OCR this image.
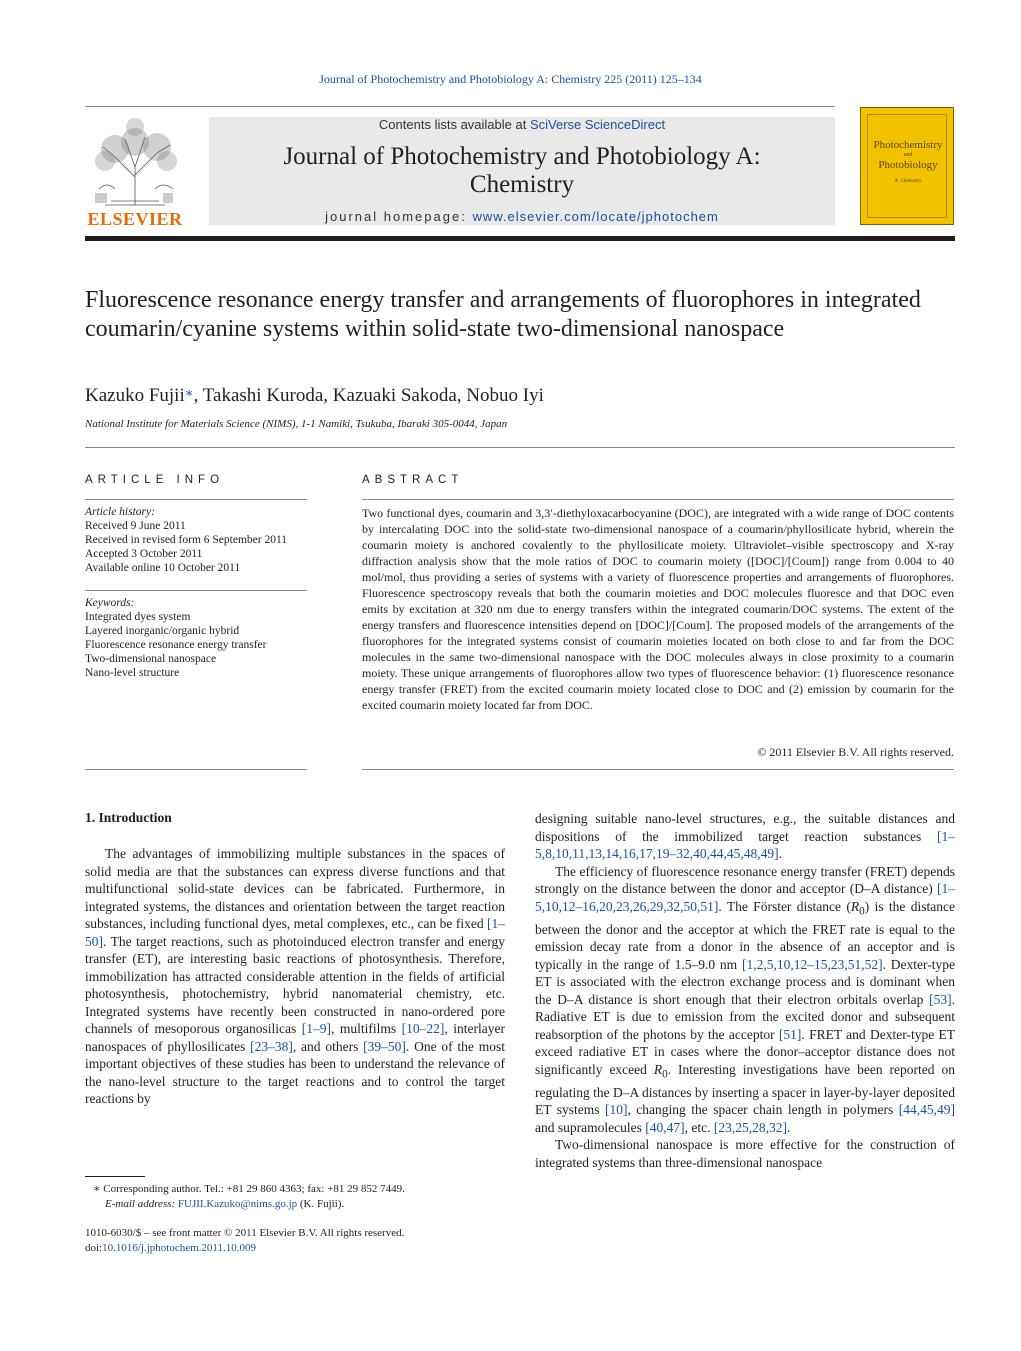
Journal of Photochemistry and Photobiology A: Chemistry 225 (2011) 125–134
ELSEVIER
Contents lists available at SciVerse ScienceDirect
Journal of Photochemistry and Photobiology A:
Chemistry
journal homepage: www.elsevier.com/locate/jphotochem
Photochemistry
and
Photobiology
A: Chemistry
Fluorescence resonance energy transfer and arrangements of fluorophores in integrated coumarin/cyanine systems within solid-state two-dimensional nanospace
Kazuko Fujii∗, Takashi Kuroda, Kazuaki Sakoda, Nobuo Iyi
National Institute for Materials Science (NIMS), 1-1 Namiki, Tsukuba, Ibaraki 305-0044, Japan
ARTICLE INFO
Article history:
Received 9 June 2011
Received in revised form 6 September 2011
Accepted 3 October 2011
Available online 10 October 2011
Keywords:
Integrated dyes system
Layered inorganic/organic hybrid
Fluorescence resonance energy transfer
Two-dimensional nanospace
Nano-level structure
ABSTRACT
Two functional dyes, coumarin and 3,3′-diethyloxacarbocyanine (DOC), are integrated with a wide range of DOC contents by intercalating DOC into the solid-state two-dimensional nanospace of a coumarin/phyllosilicate hybrid, wherein the coumarin moiety is anchored covalently to the phyllosilicate moiety. Ultraviolet–visible spectroscopy and X-ray diffraction analysis show that the mole ratios of DOC to coumarin moiety ([DOC]/[Coum]) range from 0.004 to 40 mol/mol, thus providing a series of systems with a variety of fluorescence properties and arrangements of fluorophores. Fluorescence spectroscopy reveals that both the coumarin moieties and DOC molecules fluoresce and that DOC even emits by excitation at 320 nm due to energy transfers within the integrated coumarin/DOC systems. The extent of the energy transfers and fluorescence intensities depend on [DOC]/[Coum]. The proposed models of the arrangements of the fluorophores for the integrated systems consist of coumarin moieties located on both close to and far from the DOC molecules in the same two-dimensional nanospace with the DOC molecules always in close proximity to a coumarin moiety. These unique arrangements of fluorophores allow two types of fluorescence behavior: (1) fluorescence resonance energy transfer (FRET) from the excited coumarin moiety located close to DOC and (2) emission by coumarin for the excited coumarin moiety located far from DOC.
© 2011 Elsevier B.V. All rights reserved.
1. Introduction

The advantages of immobilizing multiple substances in the spaces of solid media are that the substances can express diverse functions and that multifunctional solid-state devices can be fabricated. Furthermore, in integrated systems, the distances and orientation between the target reaction substances, including functional dyes, metal complexes, etc., can be fixed [1–50]. The target reactions, such as photoinduced electron transfer and energy transfer (ET), are interesting basic reactions of photosynthesis. Therefore, immobilization has attracted considerable attention in the fields of artificial photosynthesis, photochemistry, hybrid nanomaterial chemistry, etc. Integrated systems have recently been constructed in nano-ordered pore channels of mesoporous organosilicas [1–9], multifilms [10–22], interlayer nanospaces of phyllosilicates [23–38], and others [39–50]. One of the most important objectives of these studies has been to understand the relevance of the nano-level structure to the target reactions and to control the target reactions by

designing suitable nano-level structures, e.g., the suitable distances and dispositions of the immobilized target reaction substances [1–5,8,10,11,13,14,16,17,19–32,40,44,45,48,49].

The efficiency of fluorescence resonance energy transfer (FRET) depends strongly on the distance between the donor and acceptor (D–A distance) [1–5,10,12–16,20,23,26,29,32,50,51]. The Förster distance $(R_0)$ is the distance between the donor and the acceptor at which the FRET rate is equal to the emission decay rate from a donor in the absence of an acceptor and is typically in the range of 1.5–9.0 nm [1,2,5,10,12–15,23,51,52]. Dexter-type ET is associated with the electron exchange process and is dominant when the D–A distance is short enough that their electron orbitals overlap [53]. Radiative ET is due to emission from the excited donor and subsequent reabsorption of the photons by the acceptor [51]. FRET and Dexter-type ET exceed radiative ET in cases where the donor–acceptor distance does not significantly exceed $R_0$. Interesting investigations have been reported on regulating the D–A distances by inserting a spacer in layer-by-layer deposited ET systems [10], changing the spacer chain length in polymers [44,45,49] and supramolecules [40,47], etc. [23,25,28,32].

Two-dimensional nanospace is more effective for the construction of integrated systems than three-dimensional nanospace

∗ Corresponding author. Tel.: +81 29 860 4363; fax: +81 29 852 7449.
E-mail address: FUJII.Kazuko@nims.go.jp (K. Fujii).
1010-6030/$ – see front matter © 2011 Elsevier B.V. All rights reserved.
doi:10.1016/j.jphotochem.2011.10.009
